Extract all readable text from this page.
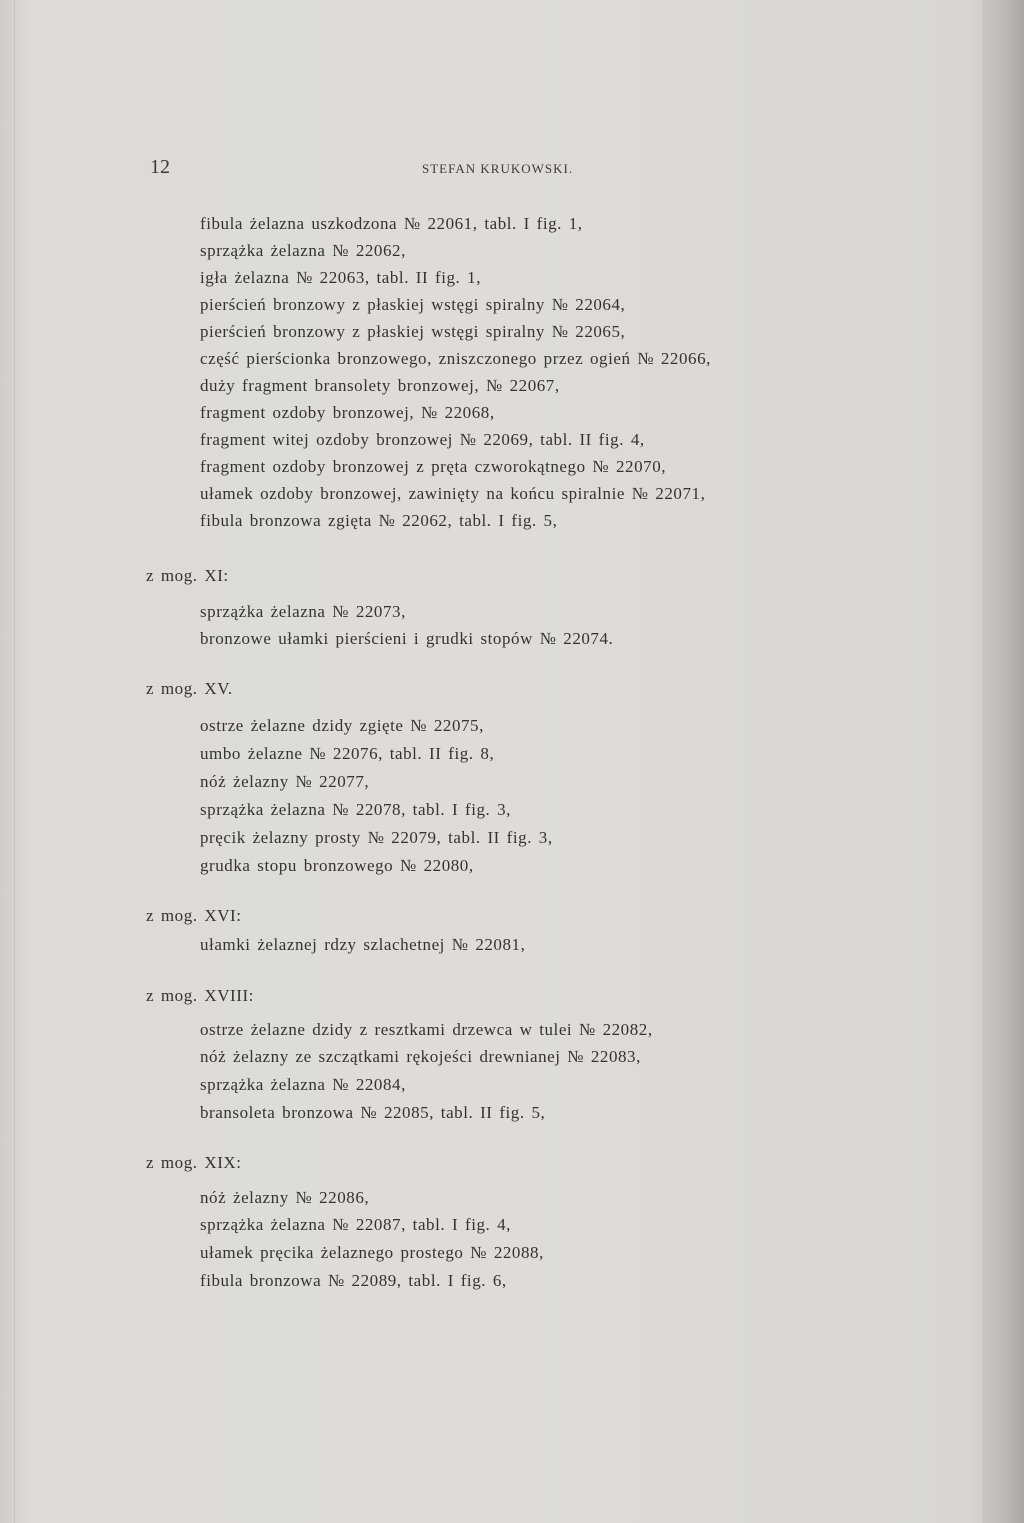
12	STEFAN KRUKOWSKI.
fibula żelazna uszkodzona № 22061, tabl. I fig. 1,
sprzążka żelazna № 22062,
igła żelazna № 22063, tabl. II fig. 1,
pierścień bronzowy z płaskiej wstęgi spiralny № 22064,
pierścień bronzowy z płaskiej wstęgi spiralny № 22065,
część pierścionka bronzowego, zniszczonego przez ogień № 22066,
duży fragment bransolety bronzowej, № 22067,
fragment ozdoby bronzowej, № 22068,
fragment witej ozdoby bronzowej № 22069, tabl. II fig. 4,
fragment ozdoby bronzowej z pręta czworokątnego № 22070,
ułamek ozdoby bronzowej, zawinięty na końcu spiralnie № 22071,
fibula bronzowa zgięta № 22062, tabl. I fig. 5,
z mog. XI:
sprzążka żelazna № 22073,
bronzowe ułamki pierścieni i grudki stopów № 22074.
z mog. XV.
ostrze żelazne dzidy zgięte № 22075,
umbo żelazne № 22076, tabl. II fig. 8,
nóż żelazny № 22077,
sprzążka żelazna № 22078, tabl. I fig. 3,
pręcik żelazny prosty № 22079, tabl. II fig. 3,
grudka stopu bronzowego № 22080,
z mog. XVI:
ułamki żelaznej rdzy szlachetnej № 22081,
z mog. XVIII:
ostrze żelazne dzidy z resztkami drzewca w tulei № 22082,
nóż żelazny ze szczątkami rękojeści drewnianej № 22083,
sprzążka żelazna № 22084,
bransoleta bronzowa № 22085, tabl. II fig. 5,
z mog. XIX:
nóż żelazny № 22086,
sprzążka żelazna № 22087, tabl. I fig. 4,
ułamek pręcika żelaznego prostego № 22088,
fibula bronzowa № 22089, tabl. I fig. 6,
